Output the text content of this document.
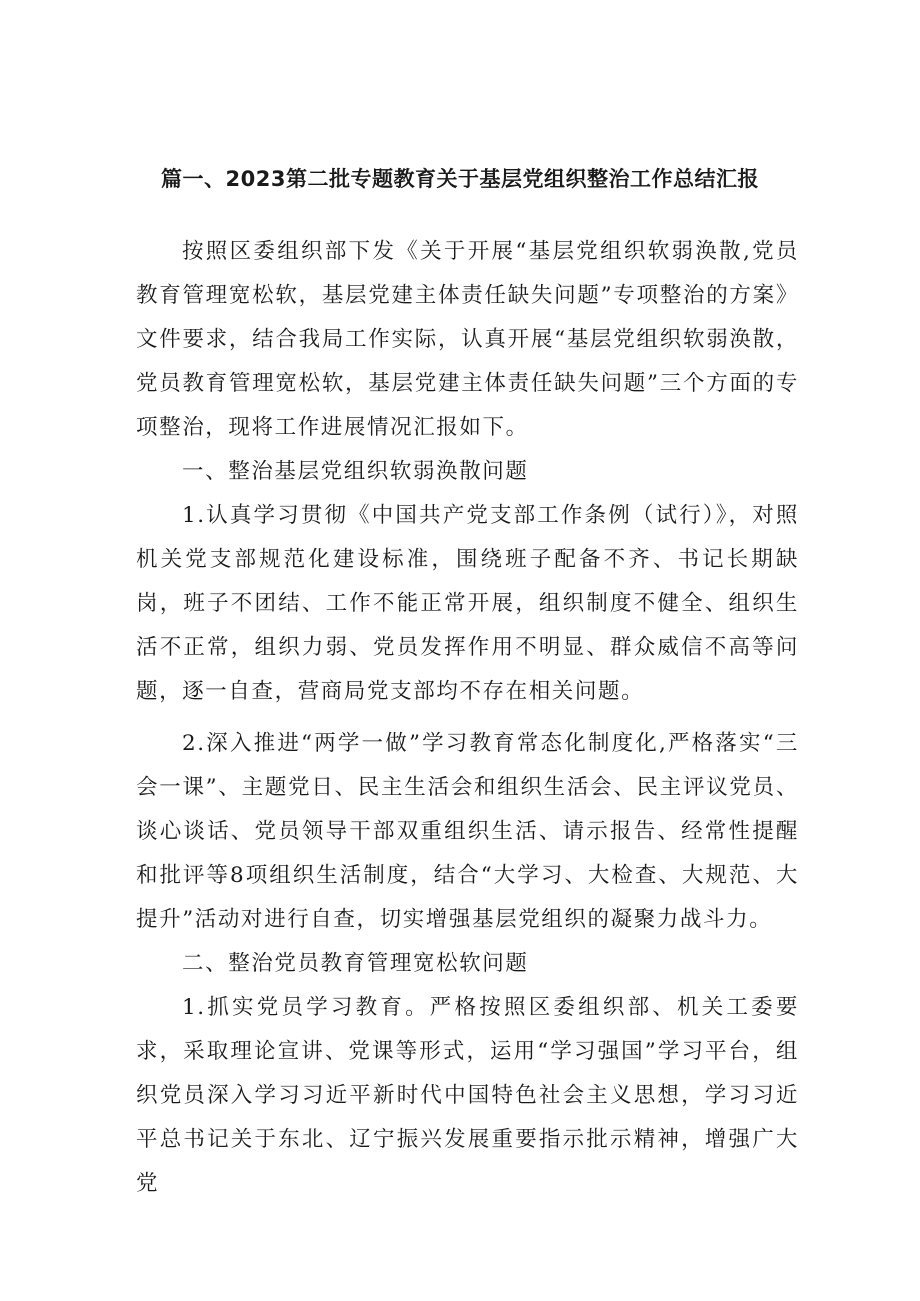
篇一、2023第二批专题教育关于基层党组织整治工作总结汇报

按照区委组织部下发《关于开展“基层党组织软弱涣散,党员教育管理宽松软，基层党建主体责任缺失问题”专项整治的方案》文件要求，结合我局工作实际，认真开展“基层党组织软弱涣散，党员教育管理宽松软，基层党建主体责任缺失问题”三个方面的专项整治，现将工作进展情况汇报如下。

一、整治基层党组织软弱涣散问题

1.认真学习贯彻《中国共产党支部工作条例（试行）》，对照机关党支部规范化建设标准，围绕班子配备不齐、书记长期缺岗，班子不团结、工作不能正常开展，组织制度不健全、组织生活不正常，组织力弱、党员发挥作用不明显、群众威信不高等问题，逐一自查，营商局党支部均不存在相关问题。

2.深入推进“两学一做”学习教育常态化制度化,严格落实“三会一课”、主题党日、民主生活会和组织生活会、民主评议党员、谈心谈话、党员领导干部双重组织生活、请示报告、经常性提醒和批评等8项组织生活制度，结合“大学习、大检查、大规范、大提升”活动对进行自查，切实增强基层党组织的凝聚力战斗力。

二、整治党员教育管理宽松软问题

1.抓实党员学习教育。严格按照区委组织部、机关工委要求，采取理论宣讲、党课等形式，运用“学习强国”学习平台，组织党员深入学习习近平新时代中国特色社会主义思想，学习习近平总书记关于东北、辽宁振兴发展重要指示批示精神，增强广大党
